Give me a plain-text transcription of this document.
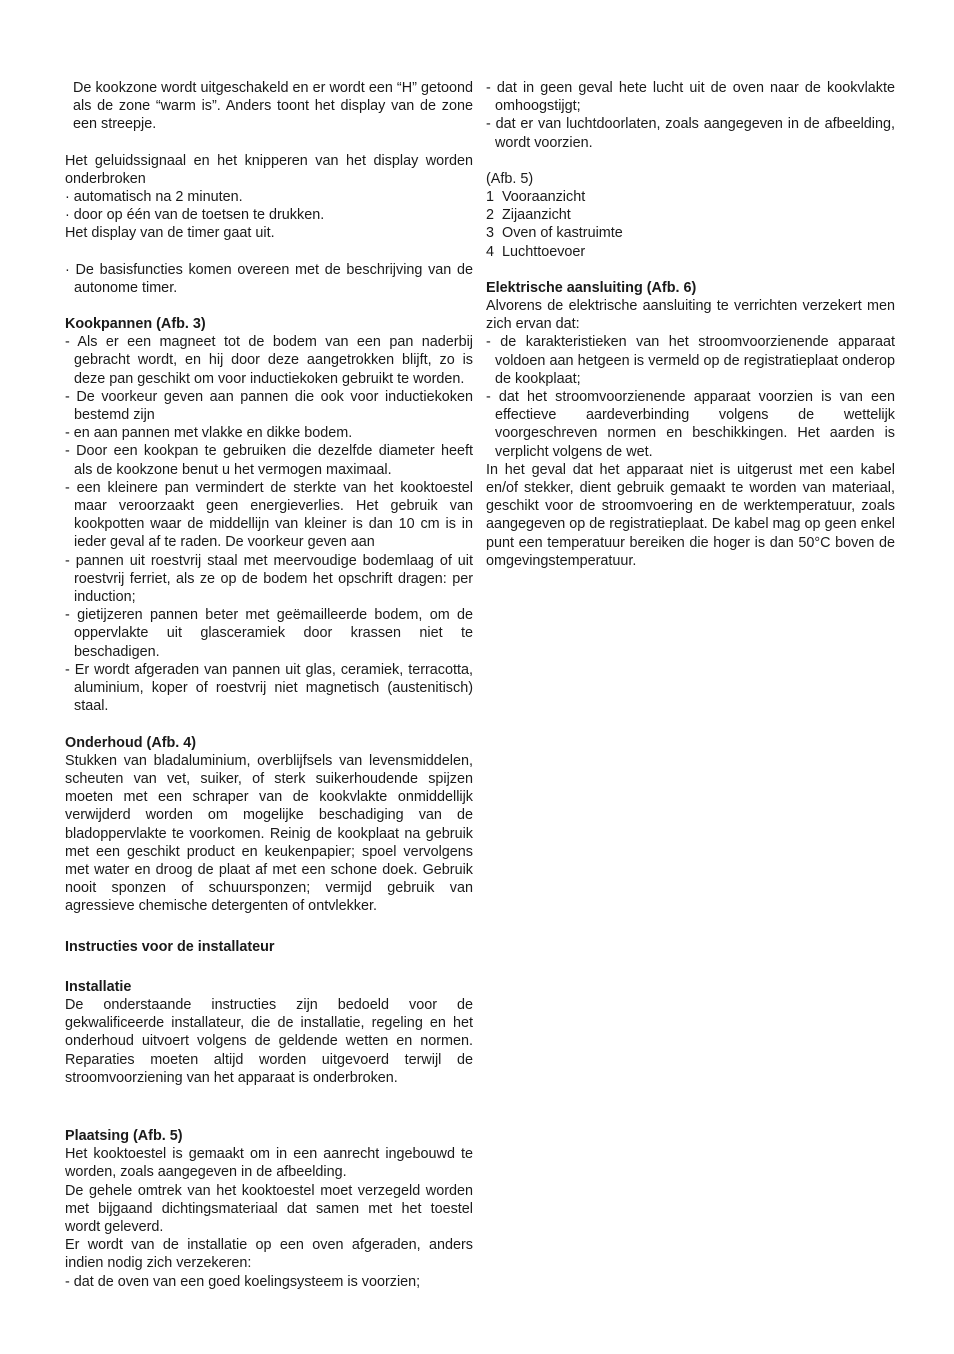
De kookzone wordt uitgeschakeld en er wordt een “H” getoond als de zone “warm is”. Anders toont het display van de zone een streepje.

Het geluidssignaal en het knipperen van het display worden onderbroken

· automatisch na 2 minuten.

· door op één van de toetsen te drukken.

Het display van de timer gaat uit.

· De basisfuncties komen overeen met de beschrijving van de autonome timer.

Kookpannen (Afb. 3)

- Als er een magneet tot de bodem van een pan naderbij gebracht wordt, en hij door deze aangetrokken blijft, zo is deze pan geschikt om voor inductiekoken gebruikt te worden.

- De voorkeur geven aan pannen die ook voor inductiekoken bestemd zijn

- en aan pannen met vlakke en dikke bodem.

- Door een kookpan te gebruiken die dezelfde diameter heeft als de kookzone benut u het vermogen maximaal.

- een kleinere pan vermindert de sterkte van het kooktoestel maar veroorzaakt geen energieverlies. Het gebruik van kookpotten waar de middellijn van kleiner is dan 10 cm is in ieder geval af te raden. De voorkeur geven aan

- pannen uit roestvrij staal met meervoudige bodemlaag of uit roestvrij ferriet, als ze op de bodem het opschrift dragen: per induction;

- gietijzeren pannen beter met geëmailleerde bodem, om de oppervlakte uit glasceramiek door krassen niet te beschadigen.

- Er wordt afgeraden van pannen uit glas, ceramiek, terracotta, aluminium, koper of roestvrij niet magnetisch (austenitisch) staal.

Onderhoud (Afb. 4)

Stukken van bladaluminium, overblijfsels van levensmiddelen, scheuten van vet, suiker, of sterk suikerhoudende spijzen moeten met een schraper van de kookvlakte onmiddellijk verwijderd worden om mogelijke beschadiging van de bladoppervlakte te voorkomen. Reinig de kookplaat na gebruik met een geschikt product en keukenpapier; spoel vervolgens met water en droog de plaat af met een schone doek. Gebruik nooit sponzen of schuursponzen; vermijd gebruik van agressieve chemische detergenten of ontvlekker.

Instructies voor de installateur

Installatie

De onderstaande instructies zijn bedoeld voor de gekwalificeerde installateur, die de installatie, regeling en het onderhoud uitvoert volgens de geldende wetten en normen. Reparaties moeten altijd worden uitgevoerd terwijl de stroomvoorziening van het apparaat is onderbroken.

Plaatsing (Afb. 5)

Het kooktoestel is gemaakt om in een aanrecht ingebouwd te worden, zoals aangegeven in de afbeelding.

De gehele omtrek van het kooktoestel moet verzegeld worden met bijgaand dichtingsmateriaal dat samen met het toestel wordt geleverd.

Er wordt van de installatie op een oven afgeraden, anders indien nodig zich verzekeren:

- dat de oven van een goed koelingsysteem is voorzien;

- dat in geen geval hete lucht uit de oven naar de kookvlakte omhoogstijgt;

- dat er van luchtdoorlaten, zoals aangegeven in de afbeelding, wordt voorzien.

(Afb. 5)

1  Vooraanzicht

2  Zijaanzicht

3  Oven of kastruimte

4  Luchttoevoer

Elektrische aansluiting (Afb. 6)

Alvorens de elektrische aansluiting te verrichten verzekert men zich ervan dat:

- de karakteristieken van het stroomvoorzienende apparaat voldoen aan hetgeen is vermeld op de registratieplaat onderop de kookplaat;

- dat het stroomvoorzienende apparaat voorzien is van een effectieve aardeverbinding volgens de wettelijk voorgeschreven normen en beschikkingen. Het aarden is verplicht volgens de wet.

In het geval dat het apparaat niet is uitgerust met een kabel en/of stekker, dient gebruik gemaakt te worden van materiaal, geschikt voor de stroomvoering en de werktemperatuur, zoals aangegeven op de registratieplaat. De kabel mag op geen enkel punt een temperatuur bereiken die hoger is dan 50°C boven de omgevingstemperatuur.
